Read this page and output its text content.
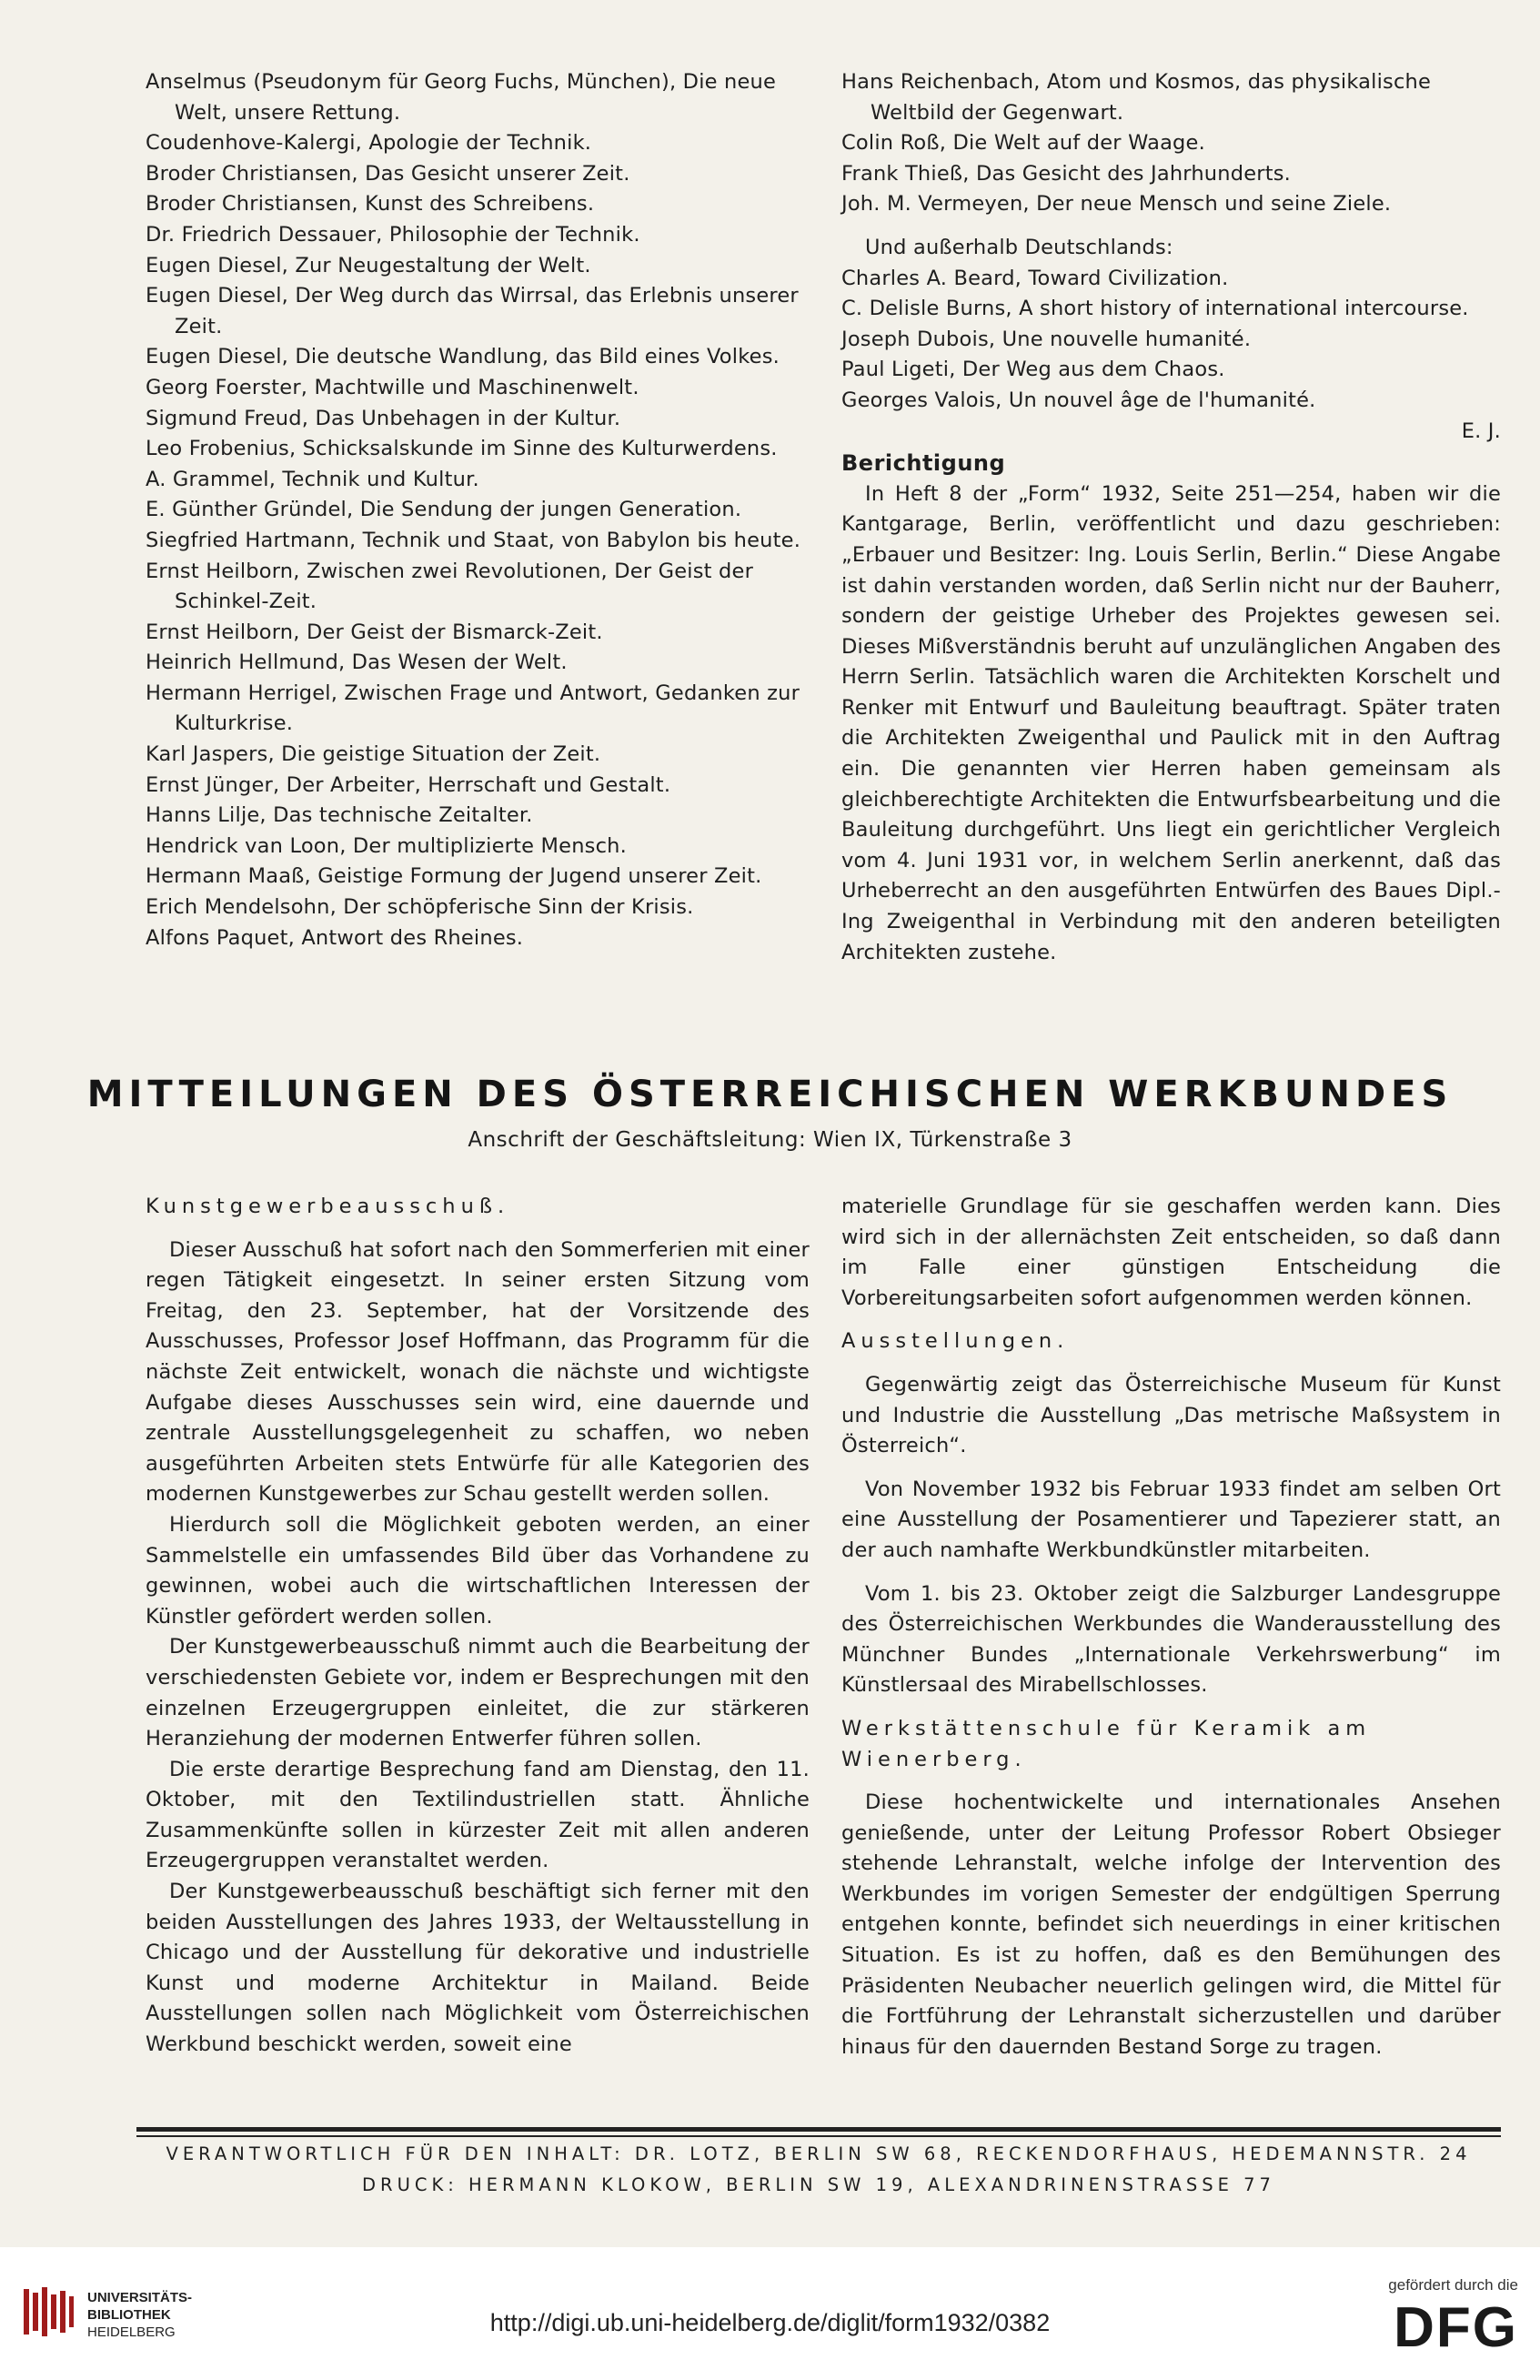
Anselmus (Pseudonym für Georg Fuchs, München), Die neue Welt, unsere Rettung.
Coudenhove-Kalergi, Apologie der Technik.
Broder Christiansen, Das Gesicht unserer Zeit.
Broder Christiansen, Kunst des Schreibens.
Dr. Friedrich Dessauer, Philosophie der Technik.
Eugen Diesel, Zur Neugestaltung der Welt.
Eugen Diesel, Der Weg durch das Wirrsal, das Erlebnis unserer Zeit.
Eugen Diesel, Die deutsche Wandlung, das Bild eines Volkes.
Georg Foerster, Machtwille und Maschinenwelt.
Sigmund Freud, Das Unbehagen in der Kultur.
Leo Frobenius, Schicksalskunde im Sinne des Kulturwerdens.
A. Grammel, Technik und Kultur.
E. Günther Gründel, Die Sendung der jungen Generation.
Siegfried Hartmann, Technik und Staat, von Babylon bis heute.
Ernst Heilborn, Zwischen zwei Revolutionen, Der Geist der Schinkel-Zeit.
Ernst Heilborn, Der Geist der Bismarck-Zeit.
Heinrich Hellmund, Das Wesen der Welt.
Hermann Herrigel, Zwischen Frage und Antwort, Gedanken zur Kulturkrise.
Karl Jaspers, Die geistige Situation der Zeit.
Ernst Jünger, Der Arbeiter, Herrschaft und Gestalt.
Hanns Lilje, Das technische Zeitalter.
Hendrick van Loon, Der multiplizierte Mensch.
Hermann Maaß, Geistige Formung der Jugend unserer Zeit.
Erich Mendelsohn, Der schöpferische Sinn der Krisis.
Alfons Paquet, Antwort des Rheines.
Hans Reichenbach, Atom und Kosmos, das physikalische Weltbild der Gegenwart.
Colin Roß, Die Welt auf der Waage.
Frank Thieß, Das Gesicht des Jahrhunderts.
Joh. M. Vermeyen, Der neue Mensch und seine Ziele.
Und außerhalb Deutschlands:
Charles A. Beard, Toward Civilization.
C. Delisle Burns, A short history of international intercourse.
Joseph Dubois, Une nouvelle humanité.
Paul Ligeti, Der Weg aus dem Chaos.
Georges Valois, Un nouvel âge de l'humanité.
E. J.
Berichtigung

In Heft 8 der „Form“ 1932, Seite 251—254, haben wir die Kantgarage, Berlin, veröffentlicht und dazu geschrieben: „Erbauer und Besitzer: Ing. Louis Serlin, Berlin.“ Diese Angabe ist dahin verstanden worden, daß Serlin nicht nur der Bauherr, sondern der geistige Urheber des Projektes gewesen sei. Dieses Mißverständnis beruht auf unzulänglichen Angaben des Herrn Serlin. Tatsächlich waren die Architekten Korschelt und Renker mit Entwurf und Bauleitung beauftragt. Später traten die Architekten Zweigenthal und Paulick mit in den Auftrag ein. Die genannten vier Herren haben gemeinsam als gleichberechtigte Architekten die Entwurfsbearbeitung und die Bauleitung durchgeführt. Uns liegt ein gerichtlicher Vergleich vom 4. Juni 1931 vor, in welchem Serlin anerkennt, daß das Urheberrecht an den ausgeführten Entwürfen des Baues Dipl.-Ing Zweigenthal in Verbindung mit den anderen beteiligten Architekten zustehe.

MITTEILUNGEN DES ÖSTERREICHISCHEN WERKBUNDES
Anschrift der Geschäftsleitung: Wien IX, Türkenstraße 3
Kunstgewerbeausschuß.

Dieser Ausschuß hat sofort nach den Sommerferien mit einer regen Tätigkeit eingesetzt. In seiner ersten Sitzung vom Freitag, den 23. September, hat der Vorsitzende des Ausschusses, Professor Josef Hoffmann, das Programm für die nächste Zeit entwickelt, wonach die nächste und wichtigste Aufgabe dieses Ausschusses sein wird, eine dauernde und zentrale Ausstellungsgelegenheit zu schaffen, wo neben ausgeführten Arbeiten stets Entwürfe für alle Kategorien des modernen Kunstgewerbes zur Schau gestellt werden sollen.

Hierdurch soll die Möglichkeit geboten werden, an einer Sammelstelle ein umfassendes Bild über das Vorhandene zu gewinnen, wobei auch die wirtschaftlichen Interessen der Künstler gefördert werden sollen.

Der Kunstgewerbeausschuß nimmt auch die Bearbeitung der verschiedensten Gebiete vor, indem er Besprechungen mit den einzelnen Erzeugergruppen einleitet, die zur stärkeren Heranziehung der modernen Entwerfer führen sollen.

Die erste derartige Besprechung fand am Dienstag, den 11. Oktober, mit den Textilindustriellen statt. Ähnliche Zusammenkünfte sollen in kürzester Zeit mit allen anderen Erzeugergruppen veranstaltet werden.

Der Kunstgewerbeausschuß beschäftigt sich ferner mit den beiden Ausstellungen des Jahres 1933, der Weltausstellung in Chicago und der Ausstellung für dekorative und industrielle Kunst und moderne Architektur in Mailand. Beide Ausstellungen sollen nach Möglichkeit vom Österreichischen Werkbund beschickt werden, soweit eine

materielle Grundlage für sie geschaffen werden kann. Dies wird sich in der allernächsten Zeit entscheiden, so daß dann im Falle einer günstigen Entscheidung die Vorbereitungsarbeiten sofort aufgenommen werden können.

Ausstellungen.

Gegenwärtig zeigt das Österreichische Museum für Kunst und Industrie die Ausstellung „Das metrische Maßsystem in Österreich“.

Von November 1932 bis Februar 1933 findet am selben Ort eine Ausstellung der Posamentierer und Tapezierer statt, an der auch namhafte Werkbundkünstler mitarbeiten.

Vom 1. bis 23. Oktober zeigt die Salzburger Landesgruppe des Österreichischen Werkbundes die Wanderausstellung des Münchner Bundes „Internationale Verkehrswerbung“ im Künstlersaal des Mirabellschlosses.

Werkstättenschule für Keramik am Wienerberg.

Diese hochentwickelte und internationales Ansehen genießende, unter der Leitung Professor Robert Obsieger stehende Lehranstalt, welche infolge der Intervention des Werkbundes im vorigen Semester der endgültigen Sperrung entgehen konnte, befindet sich neuerdings in einer kritischen Situation. Es ist zu hoffen, daß es den Bemühungen des Präsidenten Neubacher neuerlich gelingen wird, die Mittel für die Fortführung der Lehranstalt sicherzustellen und darüber hinaus für den dauernden Bestand Sorge zu tragen.

VERANTWORTLICH FÜR DEN INHALT: DR. LOTZ, BERLIN SW 68, RECKENDORFHAUS, HEDEMANNSTR. 24
DRUCK: HERMANN KLOKOW, BERLIN SW 19, ALEXANDRINENSTRASSE 77
UNIVERSITÄTS-
BIBLIOTHEK
HEIDELBERG	http://digi.ub.uni-heidelberg.de/diglit/form1932/0382
gefördert durch die
DFG
